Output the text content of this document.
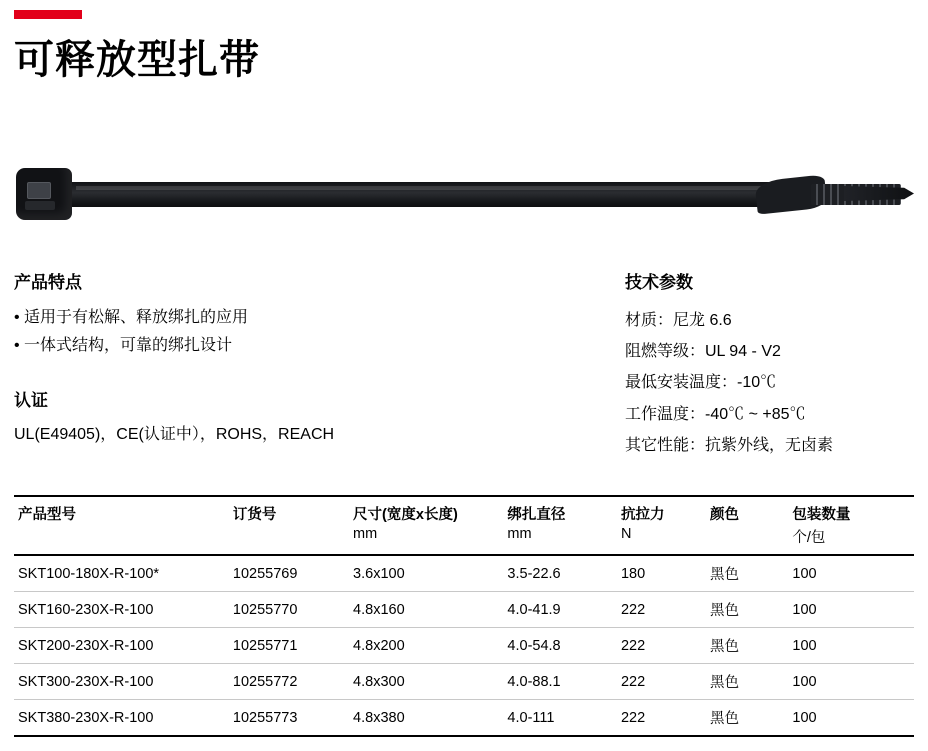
可释放型扎带
产品特点
• 适用于有松解、释放绑扎的应用
• 一体式结构，可靠的绑扎设计
认证
UL(E49405)，CE(认证中），ROHS，REACH
技术参数
材质：尼龙 6.6
阻燃等级：UL 94 - V2
最低安装温度：-10℃
工作温度：-40℃ ~ +85℃
其它性能：抗紫外线，无卤素
产品型号	订货号	尺寸(宽度x长度)	绑扎直径	抗拉力	颜色	包装数量
		mm	mm	N		个/包
SKT100-180X-R-100*	10255769	3.6x100	3.5-22.6	180	黑色	100
SKT160-230X-R-100	10255770	4.8x160	4.0-41.9	222	黑色	100
SKT200-230X-R-100	10255771	4.8x200	4.0-54.8	222	黑色	100
SKT300-230X-R-100	10255772	4.8x300	4.0-88.1	222	黑色	100
SKT380-230X-R-100	10255773	4.8x380	4.0-111	222	黑色	100
